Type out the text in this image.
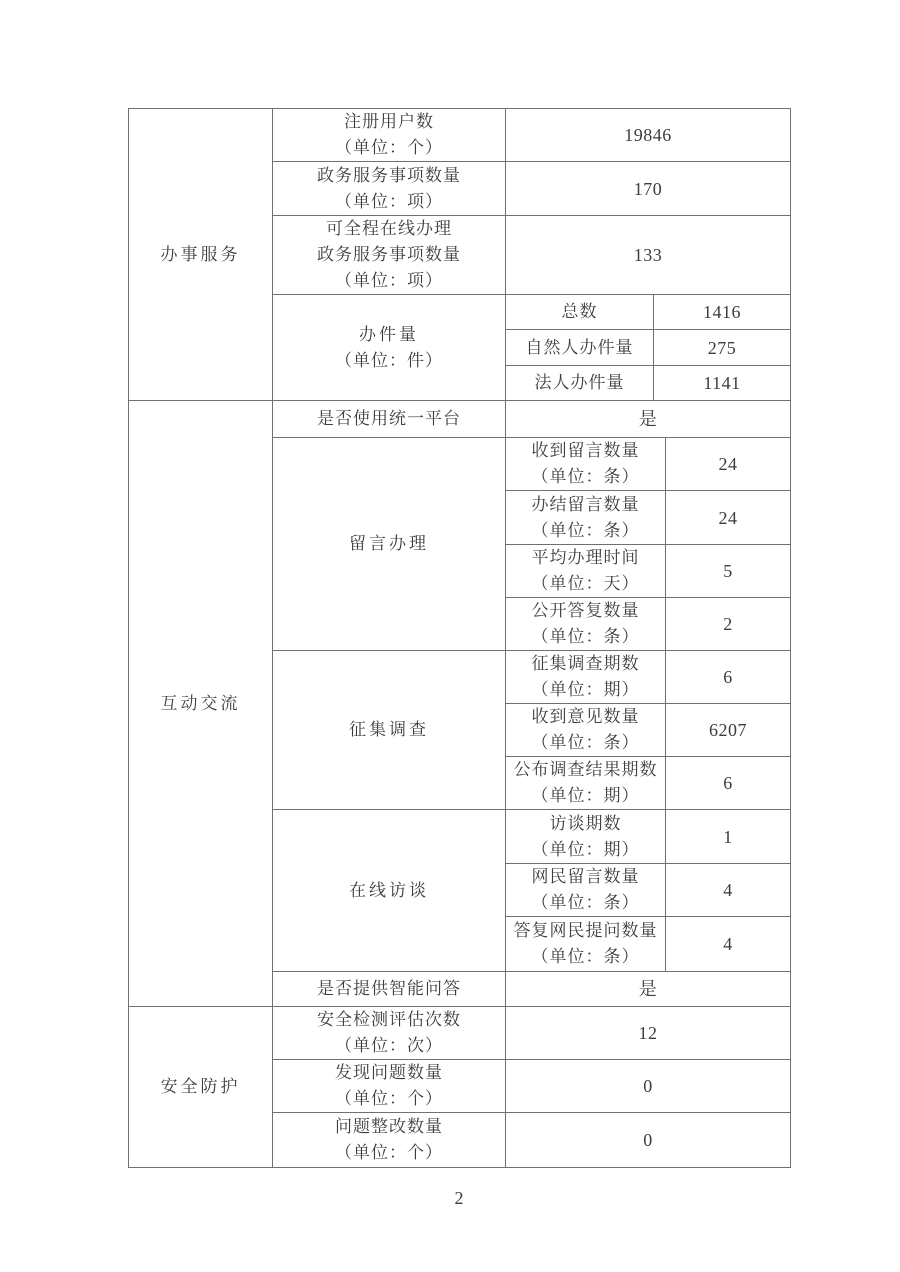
办事服务	注册用户数
（单位：个）	19846		

	政务服务事项数量
（单位：项）	170		

	可全程在线办理
政务服务事项数量
（单位：项）	133		

	办件量
（单位：件）	总数	1416	

		自然人办件量	275	

		法人办件量	1141	

互动交流	是否使用统一平台	是		

	留言办理	收到留言数量
（单位：条）		24

		办结留言数量
（单位：条）		24

		平均办理时间
（单位：天）		5

		公开答复数量
（单位：条）		2

	征集调查	征集调查期数
（单位：期）		6

		收到意见数量
（单位：条）		6207

		公布调查结果期数
（单位：期）		6

	在线访谈	访谈期数
（单位：期）		1

		网民留言数量
（单位：条）		4

		答复网民提问数量
（单位：条）		4

	是否提供智能问答	是		

安全防护	安全检测评估次数
（单位：次）	12		

	发现问题数量
（单位：个）	0		

	问题整改数量
（单位：个）	0		
2
